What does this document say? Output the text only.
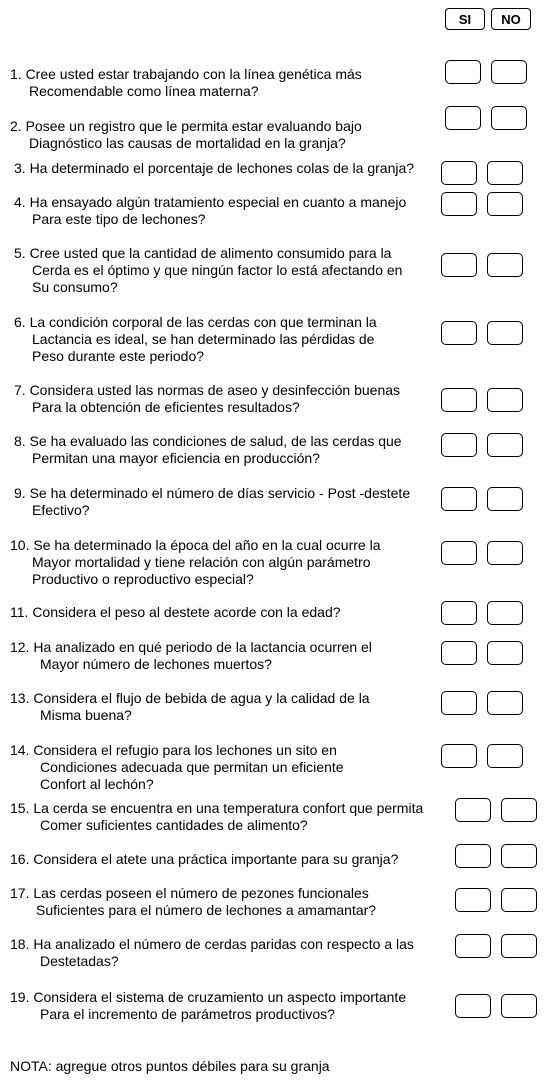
SI	NO
1. Cree usted estar trabajando con la línea genética más
Recomendable como línea materna?
2. Posee un registro que le permita estar evaluando bajo
Diagnóstico las causas de mortalidad en la granja?
3. Ha determinado el porcentaje de lechones colas de la granja?
4. Ha ensayado algún tratamiento especial en cuanto a manejo
Para este tipo de lechones?
5. Cree usted que la cantidad de alimento consumido para la
Cerda es el óptimo y que ningún factor lo está afectando en
Su consumo?
6. La condición corporal de las cerdas con que terminan la
Lactancia es ideal, se han determinado las pérdidas de
Peso durante este periodo?
7. Considera usted las normas de aseo y desinfección buenas
Para la obtención de eficientes resultados?
8. Se ha evaluado las condiciones de salud, de las cerdas que
Permitan una mayor eficiencia en producción?
9. Se ha determinado el número de días servicio - Post -destete
Efectivo?
10. Se ha determinado la época del año en la cual ocurre la
Mayor mortalidad y tiene relación con algún parámetro
Productivo o reproductivo especial?
11. Considera el peso al destete acorde con la edad?
12. Ha analizado en qué periodo de la lactancia ocurren el
Mayor número de lechones muertos?
13. Considera el flujo de bebida de agua y la calidad de la
Misma buena?
14. Considera el refugio para los lechones un sito en
Condiciones adecuada que permitan un eficiente
Confort al lechón?
15. La cerda se encuentra en una temperatura confort que permita
Comer suficientes cantidades de alimento?
16. Considera el atete una práctica importante para su granja?
17. Las cerdas poseen el número de pezones funcionales
Suficientes para el número de lechones a amamantar?
18. Ha analizado el número de cerdas paridas con respecto a las
Destetadas?
19. Considera el sistema de cruzamiento un aspecto importante
Para el incremento de parámetros productivos?
NOTA: agregue otros puntos débiles para su granja
